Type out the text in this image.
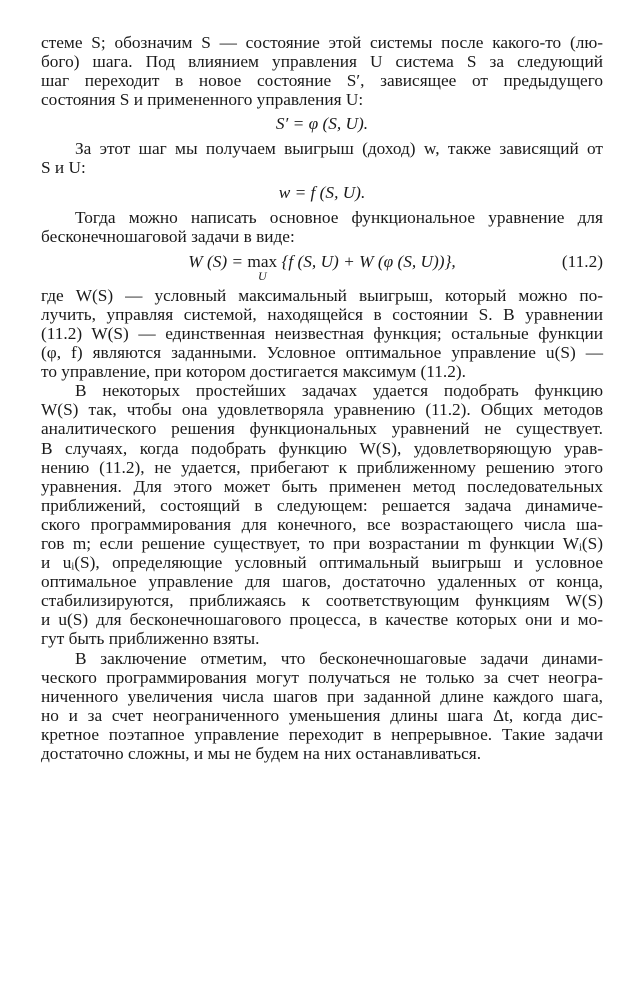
стеме S; обозначим S — состояние этой системы после какого-то (лю-

бого) шага. Под влиянием управления U система S за следующий

шаг переходит в новое состояние S′, зависящее от предыдущего

состояния S и примененного управления U:

S′ = φ (S, U).

За этот шаг мы получаем выигрыш (доход) w, также зависящий от

S и U:

w = f (S, U).

Тогда можно написать основное функциональное уравнение для

бесконечношаговой задачи в виде:

W (S) = max
U
{f (S, U) + W (φ (S, U))},	(11.2)

где W(S) — условный максимальный выигрыш, который можно по-

лучить, управляя системой, находящейся в состоянии S. В уравнении

(11.2) W(S) — единственная неизвестная функция; остальные функции

(φ, f) являются заданными. Условное оптимальное управление u(S) —

то управление, при котором достигается максимум (11.2).

В некоторых простейших задачах удается подобрать функцию

W(S) так, чтобы она удовлетворяла уравнению (11.2). Общих методов

аналитического решения функциональных уравнений не существует.

В случаях, когда подобрать функцию W(S), удовлетворяющую урав-

нению (11.2), не удается, прибегают к приближенному решению этого

уравнения. Для этого может быть применен метод последовательных

приближений, состоящий в следующем: решается задача динамиче-

ского программирования для конечного, все возрастающего числа ша-

гов m; если решение существует, то при возрастании m функции Wᵢ(S)

и uᵢ(S), определяющие условный оптимальный выигрыш и условное

оптимальное управление для шагов, достаточно удаленных от конца,

стабилизируются, приближаясь к соответствующим функциям W(S)

и u(S) для бесконечношагового процесса, в качестве которых они и мо-

гут быть приближенно взяты.

В заключение отметим, что бесконечношаговые задачи динами-

ческого программирования могут получаться не только за счет неогра-

ниченного увеличения числа шагов при заданной длине каждого шага,

но и за счет неограниченного уменьшения длины шага Δt, когда дис-

кретное поэтапное управление переходит в непрерывное. Такие задачи

достаточно сложны, и мы не будем на них останавливаться.
